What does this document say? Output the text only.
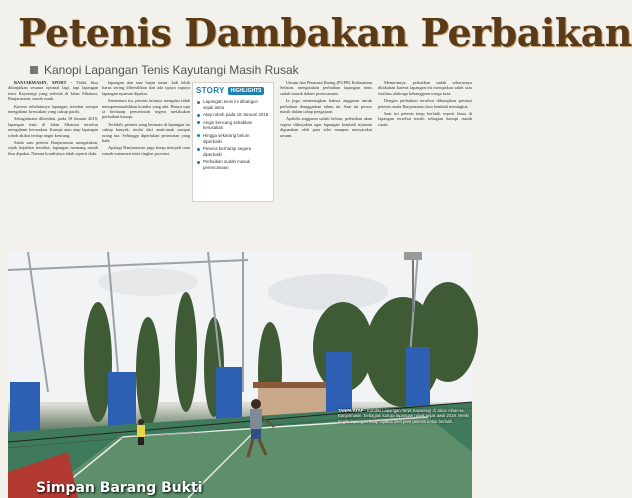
Petenis Dambakan Perbaikan
Kanopi Lapangan Tenis Kayutangi Masih Rusak

BANJARMASIN, SPORT - Tidak bisa dilanjutkan sesama optimal lagi, tapi lapangan tenis Kayutangi yang terletak di Jalan Alhamra, Banjarmasin, masih rusak.

Karena sebelumnya lapangan tersebut sempat mengalami kerusakan yang cukup parah.

Sebagaimana diketahui, pada 18 Januari 2018, lapangan tenis di Jalan Alhamra tersebut mengalami kerusakan. Kanopi atau atap lapangan roboh akibat tertiup angin kencang.

Salah satu petenis Banjarmasin mengatakan, sejak kejadian tersebut, lapangan memang masih bisa dipakai. Namun kondisinya tidak seperti dulu.

lapangan dan saat hujan turun. Jadi lebih harus sering dibersihkan dan ada upaya supaya lapangan nyaman dipakai.

Sementara itu, petenis lainnya mengaku tidak mempermasalahkan kondisi yang ada. Hanya saja ia berharap pemerintah segera melakukan perbaikan kanopi.

Terlebih, petenis yang bermain di lapangan ini cukup banyak, mulai dari anak-anak sampai orang tua. Sehingga diperlukan perawatan yang baik.

Apalagi Banjarmasin juga kerap menjadi tuan rumah turnamen tenis tingkat provinsi.

Umum dan Penataan Ruang (PUPR) Kalimantan Selatan, mengatakan perbaikan lapangan tenis sudah masuk dalam perencanaan.

Ia juga menerangkan bahwa anggaran untuk perbaikan dianggarkan tahun ini. Saat ini proses masih dalam tahap pengajuan.

Apabila anggaran sudah keluar, perbaikan akan segera dikerjakan agar lapangan kembali nyaman digunakan oleh para atlet maupun masyarakat umum.

Menurutnya, perbaikan sudah seharusnya dilakukan karena lapangan ini merupakan salah satu fasilitas olahraga kebanggaan warga kota.

Dengan perbaikan tersebut diharapkan prestasi petenis muda Banjarmasin bisa kembali meningkat.

Saat ini petenis tetap berlatih seperti biasa di lapangan tersebut meski sebagian kanopi masih rusak.

STORY	HIGHLIGHTS
Lapangan tenis ini dibangun sejak lama
Atap roboh pada 18 Januari 2018
Angin kencang sebabkan kerusakan
Hingga sekarang belum diperbaiki
Petenis berharap segera diperbaiki
Perbaikan sudah masuk perencanaan
TANPA ATAP - Kondisi Lapangan Tenis Kayutangi di Jalan Alhamra, Banjarmasin. Sebagian kanopi lapangan rusak sejak awal 2018. Meski begitu lapangan tetap dipakai oleh para petenis untuk berlatih.
Simpan Barang Bukti
